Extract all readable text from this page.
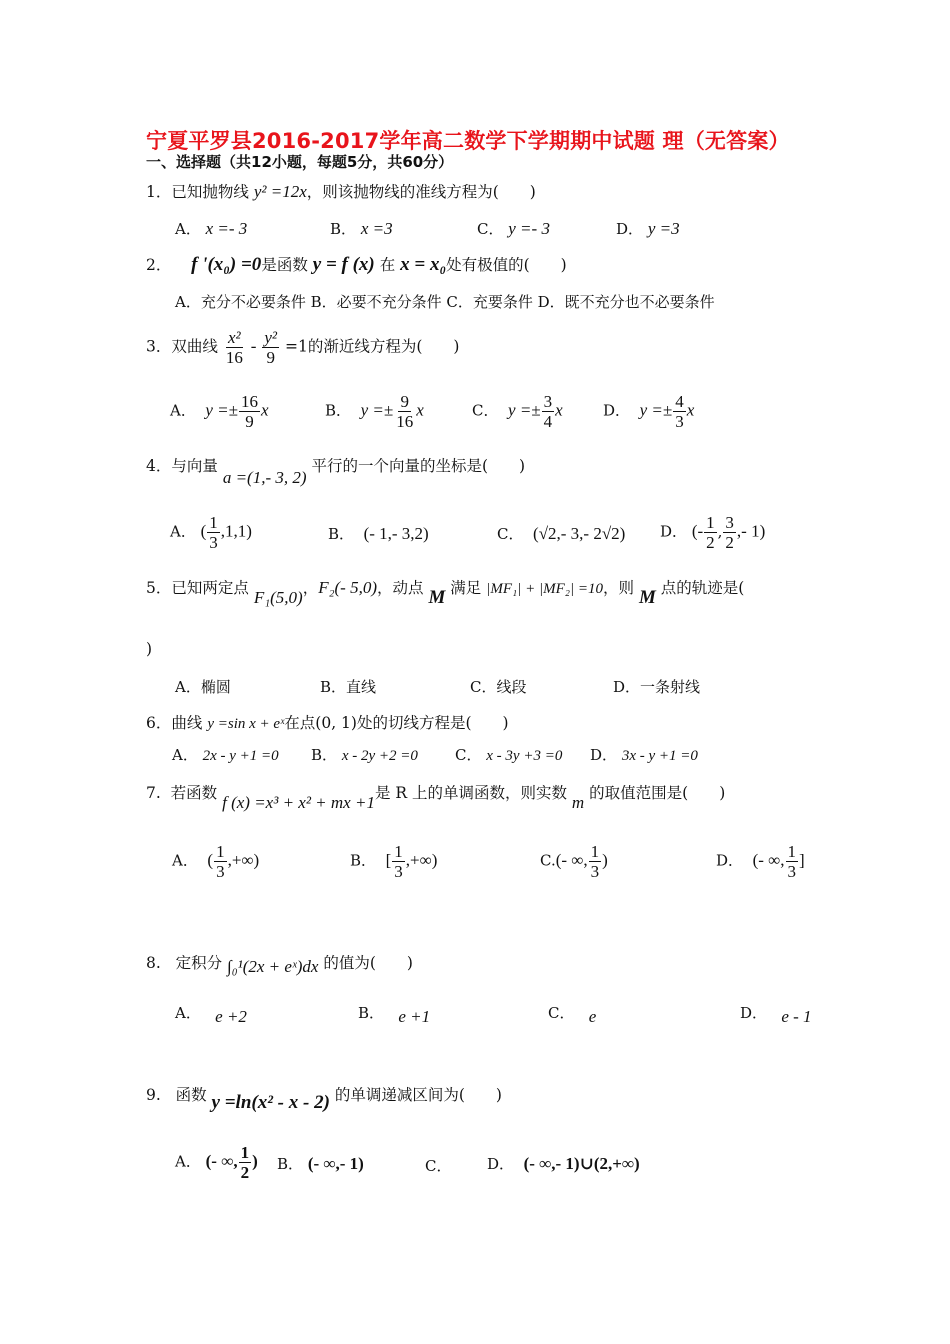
宁夏平罗县2016-2017学年高二数学下学期期中试题 理（无答案）
一、选择题（共12小题，每题5分，共60分）
1．已知抛物线 y² =12x，则该抛物线的准线方程为(　　)
A． x =- 3	B． x =3	C． y =- 3	D． y =3
2． f '(x₀) =0是函数 y = f (x) 在 x = x₀处有极值的(　　)
A．充分不必要条件 B．必要不充分条件 C．充要条件 D．既不充分也不必要条件
3．双曲线 $\frac{\text{x²}}{16} - \frac{\text{y²}}{9} =1$的渐近线方程为(　　)
A． $y =\pm \frac{16}{9}$ x	B． $y =\pm \frac{9}{16}$ x	C． $y =\pm \frac{3}{4}$ x	D． $y =\pm \frac{4}{3}$ x
4．与向量 a =(1,- 3, 2) 平行的一个向量的坐标是(　　)
A． ( $\frac{1}{3} ,1,1$)	B． (- 1,- 3,2)	C． (√2,- 3,- 2√2) D． (- $\frac{1}{2}$ , $\frac{3}{2}$ ,- 1)
5．已知两定点 F₁(5,0)，F₂(- 5,0)，动点 M 满足 |MF₁| + |MF₂| =10，则 M 点的轨迹是(
)
A．椭圆	B．直线	C．线段	D．一条射线
6．曲线 y =sin x + eˣ在点(0, 1)处的切线方程是(　　)
A． 2x - y +1 =0 B． x - 2y +2 =0 C． x - 3y +3 =0 D． 3x - y +1 =0
7. 若函数 f (x) =x³ + x² + mx +1是 R 上的单调函数，则实数 m 的取值范围是(　　)
A． ( $\frac{1}{3}$ ,+∞)	B． [ $\frac{1}{3}$ ,+∞)	C.(- ∞, $\frac{1}{3}$ )	D． (- ∞, $\frac{1}{3}$ ]
8. 定积分 ∫₀¹(2x + eˣ)dx 的值为(　　)
A． e +2	B． e +1	C． e	D． e - 1
9. 函数 y =ln(x² - x - 2) 的单调递减区间为(　　)
A． (- ∞, $\frac{1}{2}$ ) B． (- ∞,- 1)	C． D． (- ∞,- 1)∪(2,+∞)
